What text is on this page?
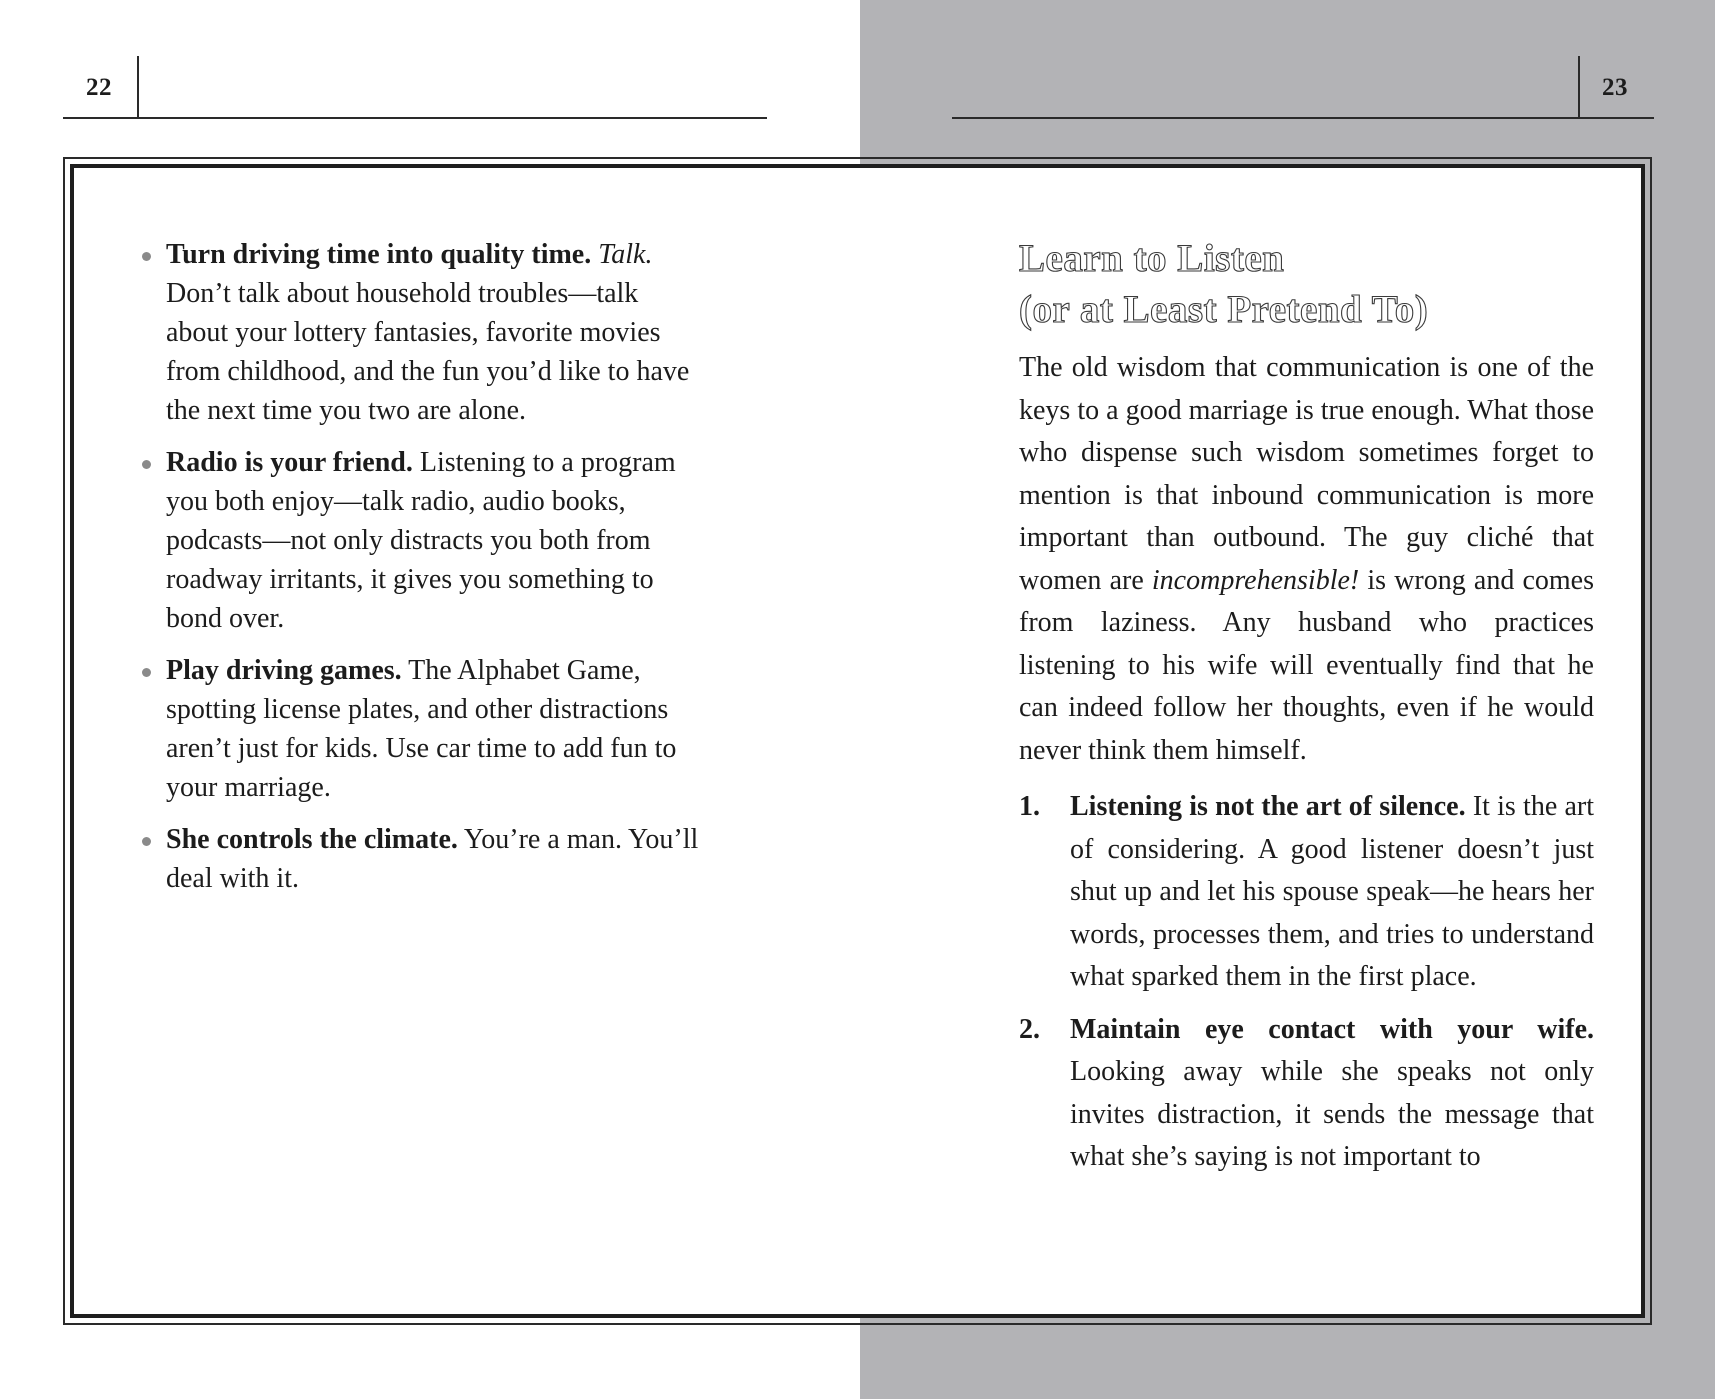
22	23
Turn driving time into quality time. Talk. Don’t talk about household troubles—talk about your lottery fantasies, favorite movies from childhood, and the fun you’d like to have the next time you two are alone.
Radio is your friend. Listening to a program you both enjoy—talk radio, audio books, podcasts—not only distracts you both from roadway irritants, it gives you something to bond over.
Play driving games. The Alphabet Game, spotting license plates, and other distractions aren’t just for kids. Use car time to add fun to your marriage.
She controls the climate. You’re a man. You’ll deal with it.
Learn to Listen
(or at Least Pretend To)

The old wisdom that communication is one of the keys to a good marriage is true enough. What those who dispense such wisdom sometimes forget to mention is that inbound communication is more important than outbound. The guy cliché that women are incomprehensible! is wrong and comes from laziness. Any husband who practices listening to his wife will eventually find that he can indeed follow her thoughts, even if he would never think them himself.

1. Listening is not the art of silence. It is the art of considering. A good listener doesn’t just shut up and let his spouse speak—he hears her words, processes them, and tries to understand what sparked them in the first place.
2. Maintain eye contact with your wife. Looking away while she speaks not only invites distraction, it sends the message that what she’s saying is not important to
